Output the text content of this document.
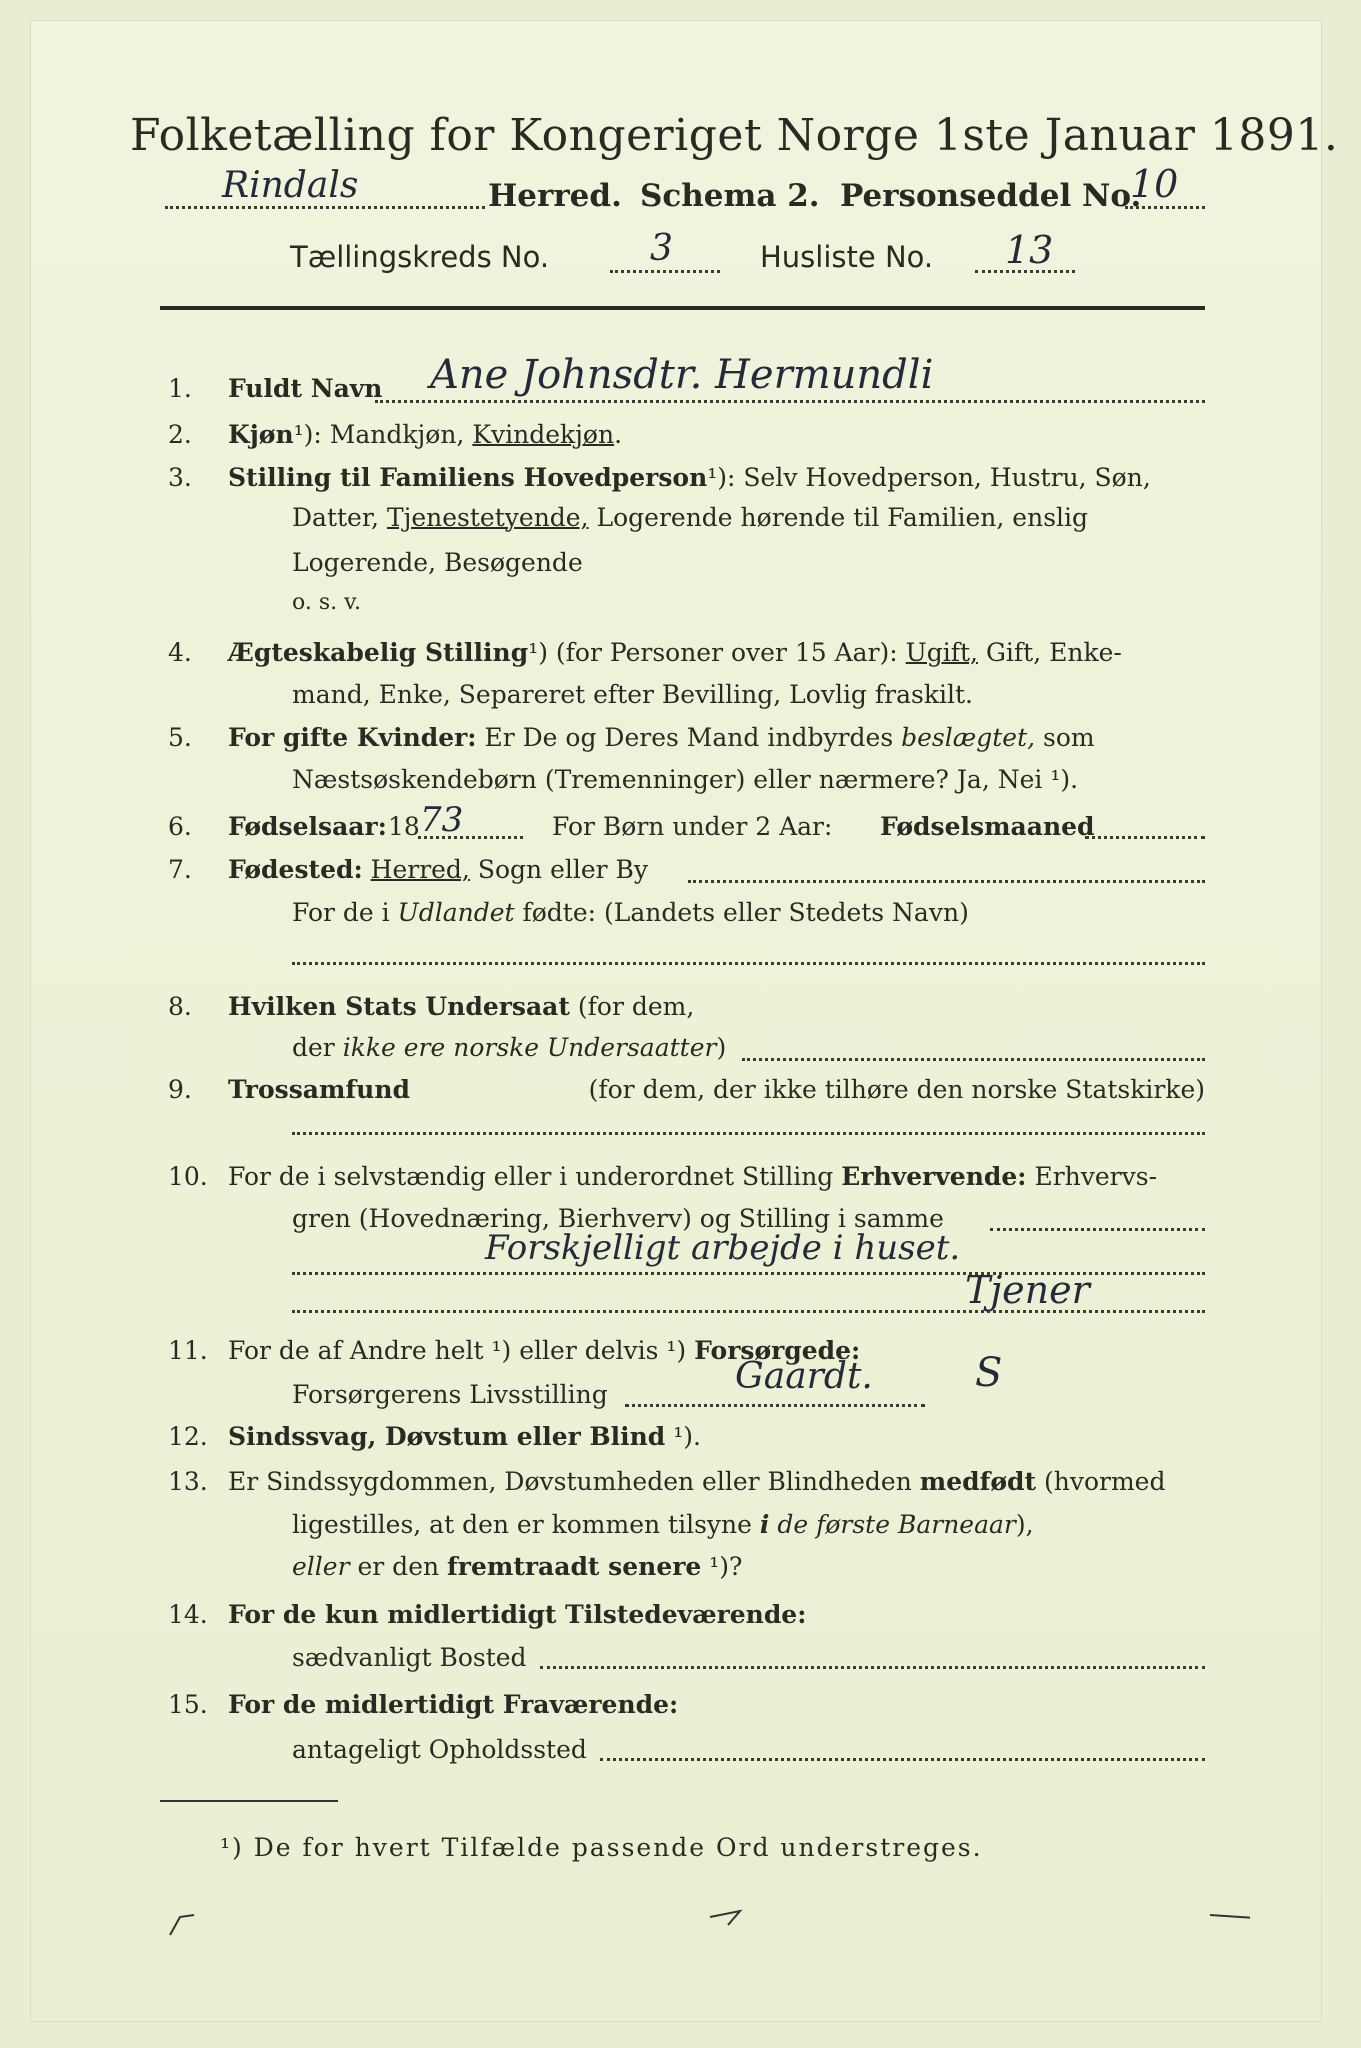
Folketælling for Kongeriget Norge 1ste Januar 1891.
Rindals	Herred. Schema 2. Personseddel No.
10
Tællingskreds No.	3	Husliste No. 13
1.	Fuldt Navn Ane Johnsdtr. Hermundli
2.	Kjøn¹): Mandkjøn, Kvindekjøn.
3.	Stilling til Familiens Hovedperson¹): Selv Hovedperson, Hustru, Søn,
Datter, Tjenestetyende, Logerende hørende til Familien, enslig
Logerende, Besøgende
o. s. v.
4.	Ægteskabelig Stilling¹) (for Personer over 15 Aar): Ugift, Gift, Enke-
mand, Enke, Separeret efter Bevilling, Lovlig fraskilt.
5.	For gifte Kvinder: Er De og Deres Mand indbyrdes beslægtet, som
Næstsøskendebørn (Tremenninger) eller nærmere? Ja, Nei ¹).
6.	Fødselsaar: 18 73	For Børn under 2 Aar: Fødselsmaaned
7.	Fødested: Herred, Sogn eller By
For de i Udlandet fødte: (Landets eller Stedets Navn)
8.	Hvilken Stats Undersaat (for dem,
der ikke ere norske Undersaatter)
9.	Trossamfund	(for dem, der ikke tilhøre den norske Statskirke)
10. For de i selvstændig eller i underordnet Stilling Erhvervende: Erhvervs-
gren (Hovednæring, Bierhverv) og Stilling i samme
Forskjelligt arbejde i huset.
Tjener
11. For de af Andre helt ¹) eller delvis ¹) Forsørgede:
Forsørgerens Livsstilling	Gaardt.	S
12. Sindssvag, Døvstum eller Blind ¹).
13. Er Sindssygdommen, Døvstumheden eller Blindheden medfødt (hvormed
ligestilles, at den er kommen tilsyne i de første Barneaar),
eller er den fremtraadt senere ¹)?
14. For de kun midlertidigt Tilstedeværende:
sædvanligt Bosted
15. For de midlertidigt Fraværende:
antageligt Opholdssted
¹) De for hvert Tilfælde passende Ord understreges.
